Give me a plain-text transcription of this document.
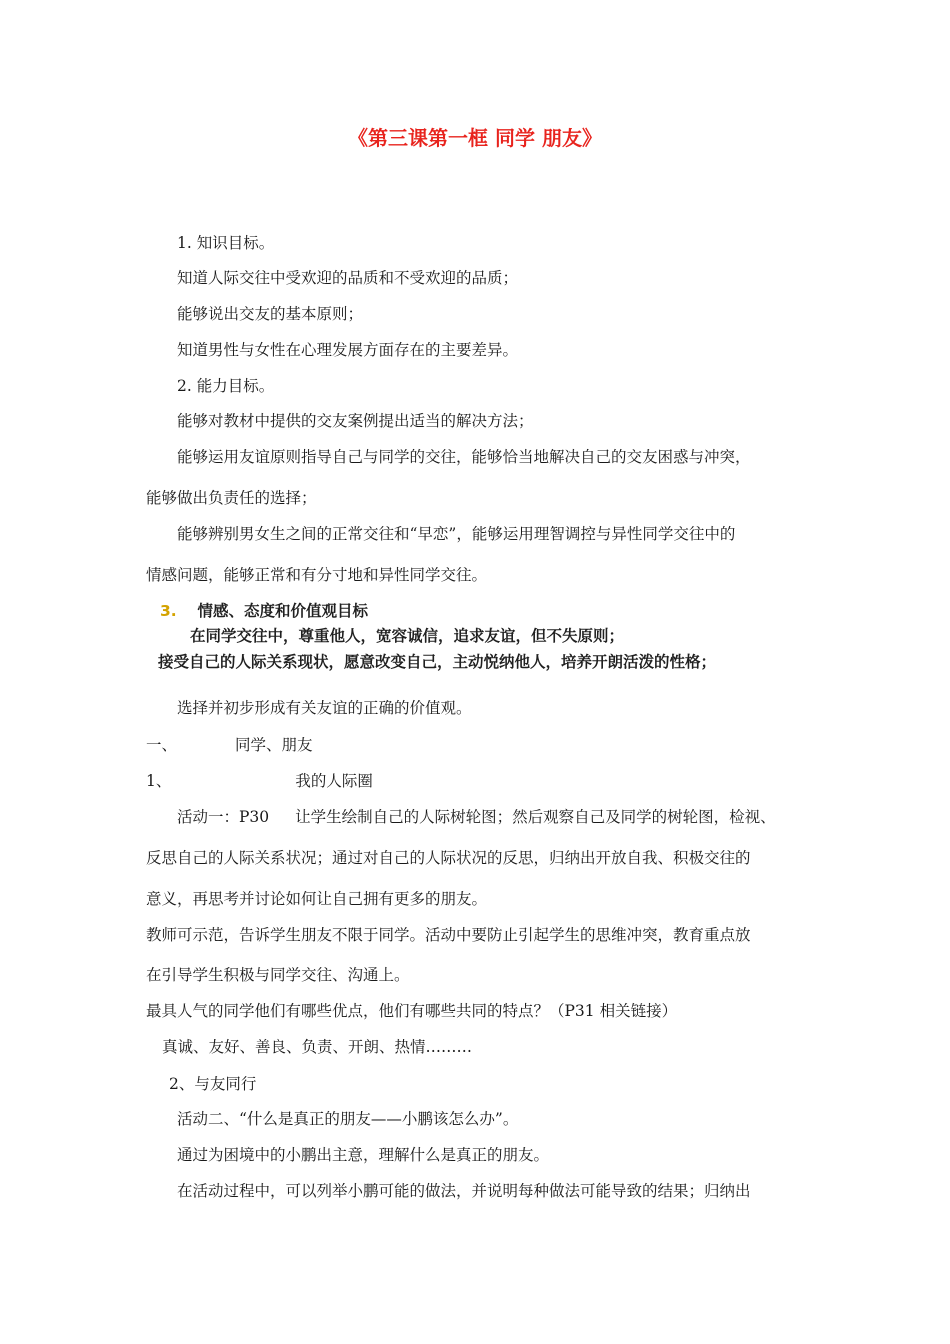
《第三课第一框 同学 朋友》
1. 知识目标。
知道人际交往中受欢迎的品质和不受欢迎的品质；
能够说出交友的基本原则；
知道男性与女性在心理发展方面存在的主要差异。
2. 能力目标。
能够对教材中提供的交友案例提出适当的解决方法；
能够运用友谊原则指导自己与同学的交往，能够恰当地解决自己的交友困惑与冲突，
能够做出负责任的选择；
能够辨别男女生之间的正常交往和“早恋”，能够运用理智调控与异性同学交往中的
情感问题，能够正常和有分寸地和异性同学交往。
3. 情感、态度和价值观目标
在同学交往中，尊重他人，宽容诚信，追求友谊，但不失原则；
接受自己的人际关系现状，愿意改变自己，主动悦纳他人，培养开朗活泼的性格；
选择并初步形成有关友谊的正确的价值观。
一、	同学、朋友
1、	我的人际圈
活动一：P30 让学生绘制自己的人际树轮图；然后观察自己及同学的树轮图，检视、
反思自己的人际关系状况；通过对自己的人际状况的反思，归纳出开放自我、积极交往的
意义，再思考并讨论如何让自己拥有更多的朋友。
教师可示范，告诉学生朋友不限于同学。活动中要防止引起学生的思维冲突，教育重点放
在引导学生积极与同学交往、沟通上。
最具人气的同学他们有哪些优点，他们有哪些共同的特点？（P31 相关链接）
真诚、友好、善良、负责、开朗、热情………
2、与友同行
活动二、“什么是真正的朋友——小鹏该怎么办”。
通过为困境中的小鹏出主意，理解什么是真正的朋友。
在活动过程中，可以列举小鹏可能的做法，并说明每种做法可能导致的结果；归纳出
